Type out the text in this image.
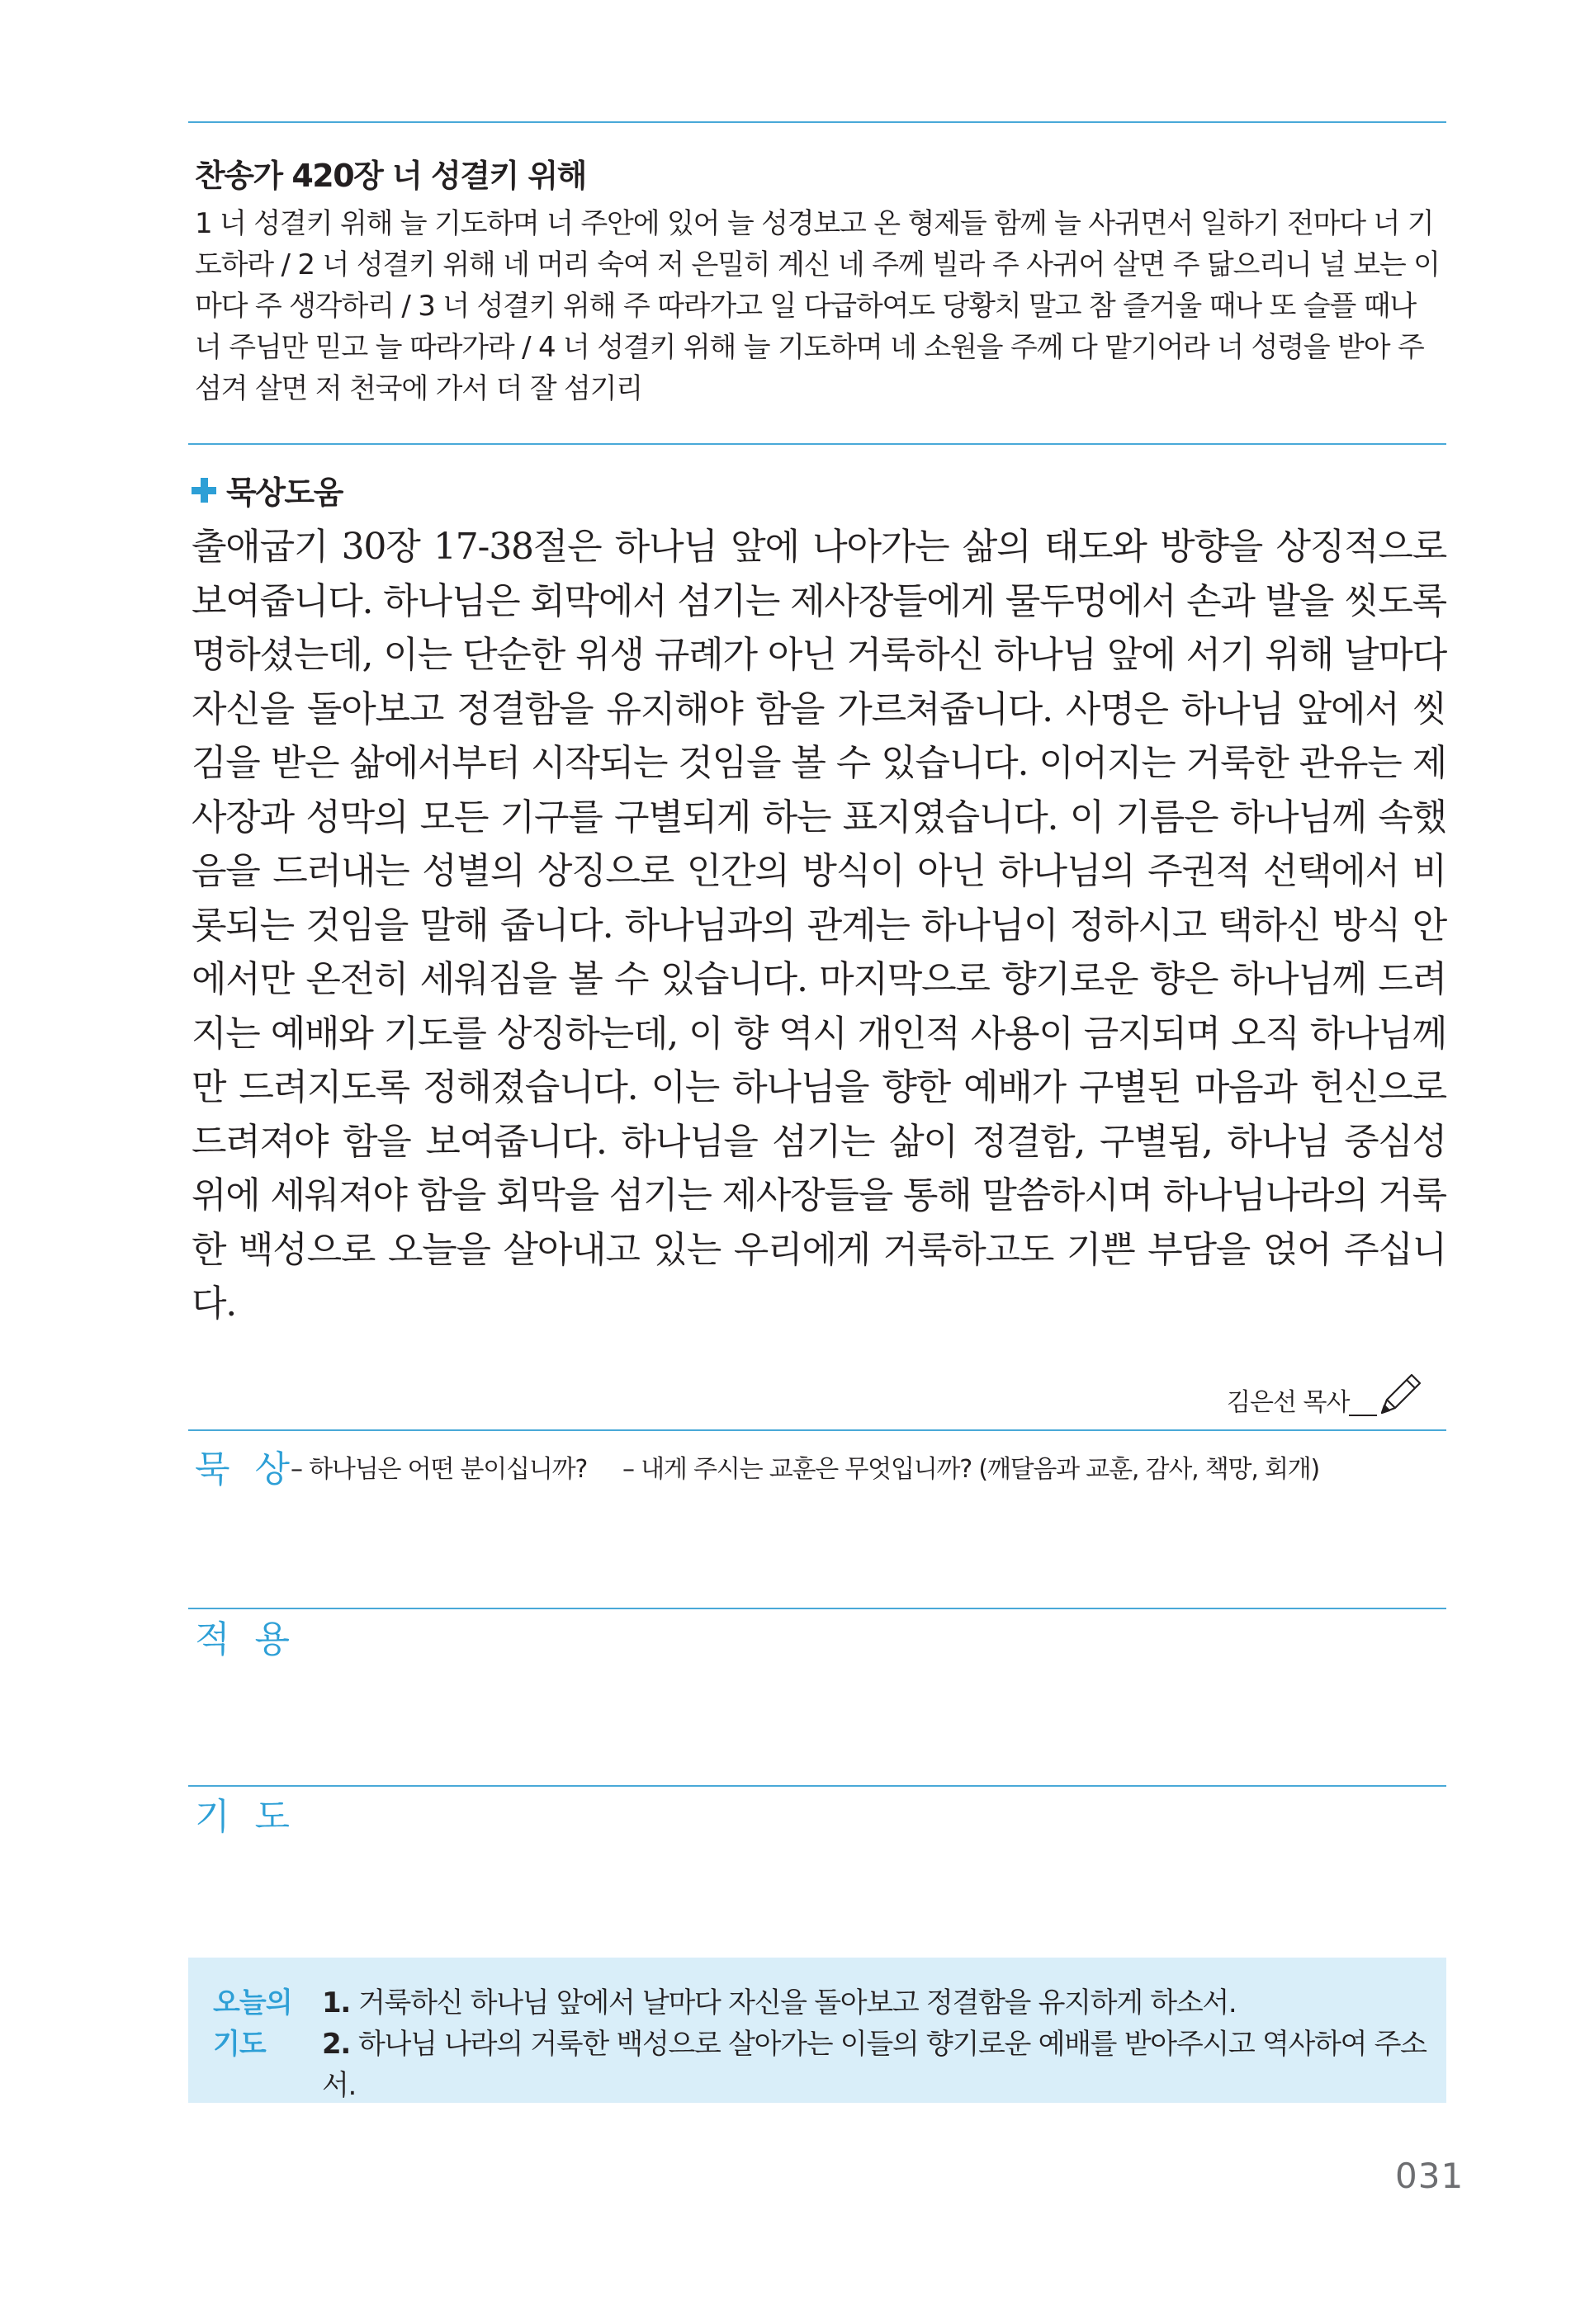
찬송가 420장 너 성결키 위해

1 너 성결키 위해 늘 기도하며 너 주안에 있어 늘 성경보고 온 형제들 함께 늘 사귀면서 일하기 전마다 너 기도하라 / 2 너 성결키 위해 네 머리 숙여 저 은밀히 계신 네 주께 빌라 주 사귀어 살면 주 닮으리니 널 보는 이 마다 주 생각하리 / 3 너 성결키 위해 주 따라가고 일 다급하여도 당황치 말고 참 즐거울 때나 또 슬플 때나 너 주님만 믿고 늘 따라가라 / 4 너 성결키 위해 늘 기도하며 네 소원을 주께 다 맡기어라 너 성령을 받아 주 섬겨 살면 저 천국에 가서 더 잘 섬기리

묵상도움

출애굽기 30장 17-38절은 하나님 앞에 나아가는 삶의 태도와 방향을 상징적으로 보여줍니다. 하나님은 회막에서 섬기는 제사장들에게 물두멍에서 손과 발을 씻도록 명하셨는데, 이는 단순한 위생 규례가 아닌 거룩하신 하나님 앞에 서기 위해 날마다 자신을 돌아보고 정결함을 유지해야 함을 가르쳐줍니다. 사명은 하나님 앞에서 씻김을 받은 삶에서부터 시작되는 것임을 볼 수 있습니다. 이어지는 거룩한 관유는 제사장과 성막의 모든 기구를 구별되게 하는 표지였습니다. 이 기름은 하나님께 속했음을 드러내는 성별의 상징으로 인간의 방식이 아닌 하나님의 주권적 선택에서 비롯되는 것임을 말해 줍니다. 하나님과의 관계는 하나님이 정하시고 택하신 방식 안에서만 온전히 세워짐을 볼 수 있습니다. 마지막으로 향기로운 향은 하나님께 드려지는 예배와 기도를 상징하는데, 이 향 역시 개인적 사용이 금지되며 오직 하나님께만 드려지도록 정해졌습니다. 이는 하나님을 향한 예배가 구별된 마음과 헌신으로 드려져야 함을 보여줍니다. 하나님을 섬기는 삶이 정결함, 구별됨, 하나님 중심성 위에 세워져야 함을 회막을 섬기는 제사장들을 통해 말씀하시며 하나님나라의 거룩한 백성으로 오늘을 살아내고 있는 우리에게 거룩하고도 기쁜 부담을 얹어 주십니다.

김은선 목사

묵 상

– 하나님은 어떤 분이십니까? – 내게 주시는 교훈은 무엇입니까? (깨달음과 교훈, 감사, 책망, 회개)

적 용

기 도

오늘의 기도
1. 거룩하신 하나님 앞에서 날마다 자신을 돌아보고 정결함을 유지하게 하소서.
2. 하나님 나라의 거룩한 백성으로 살아가는 이들의 향기로운 예배를 받아주시고 역사하여 주소서.
031
